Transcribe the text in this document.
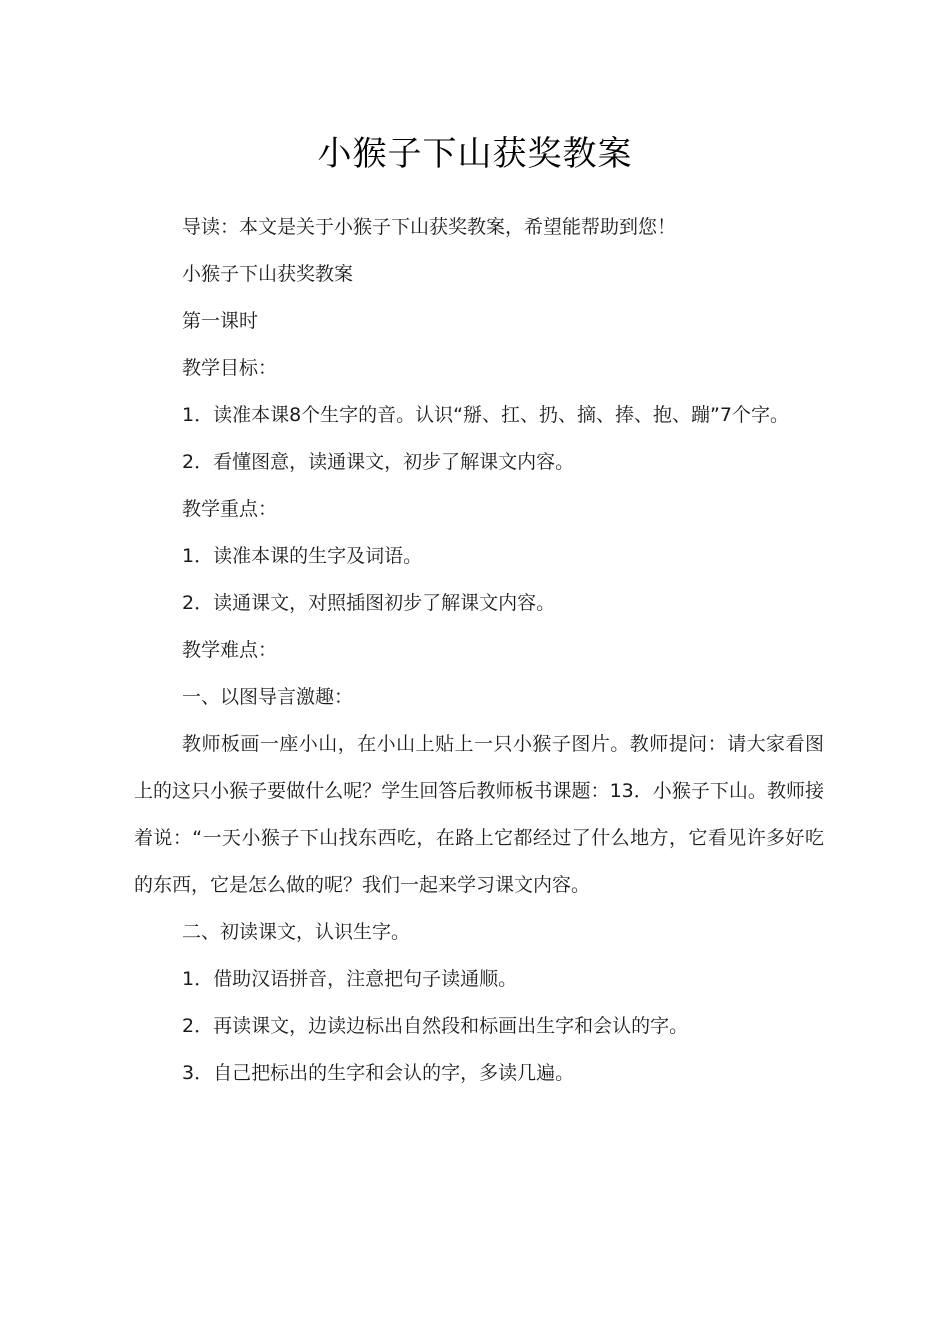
小猴子下山获奖教案

导读：本文是关于小猴子下山获奖教案，希望能帮助到您！

小猴子下山获奖教案

第一课时

教学目标：

1．读准本课8个生字的音。认识“掰、扛、扔、摘、捧、抱、蹦”7个字。

2．看懂图意，读通课文，初步了解课文内容。

教学重点：

1．读准本课的生字及词语。

2．读通课文，对照插图初步了解课文内容。

教学难点：

一、以图导言激趣：

教师板画一座小山，在小山上贴上一只小猴子图片。教师提问：请大家看图上的这只小猴子要做什么呢？学生回答后教师板书课题：13．小猴子下山。教师接着说：“一天小猴子下山找东西吃，在路上它都经过了什么地方，它看见许多好吃的东西，它是怎么做的呢？我们一起来学习课文内容。

二、初读课文，认识生字。

1．借助汉语拼音，注意把句子读通顺。

2．再读课文，边读边标出自然段和标画出生字和会认的字。

3．自己把标出的生字和会认的字，多读几遍。
